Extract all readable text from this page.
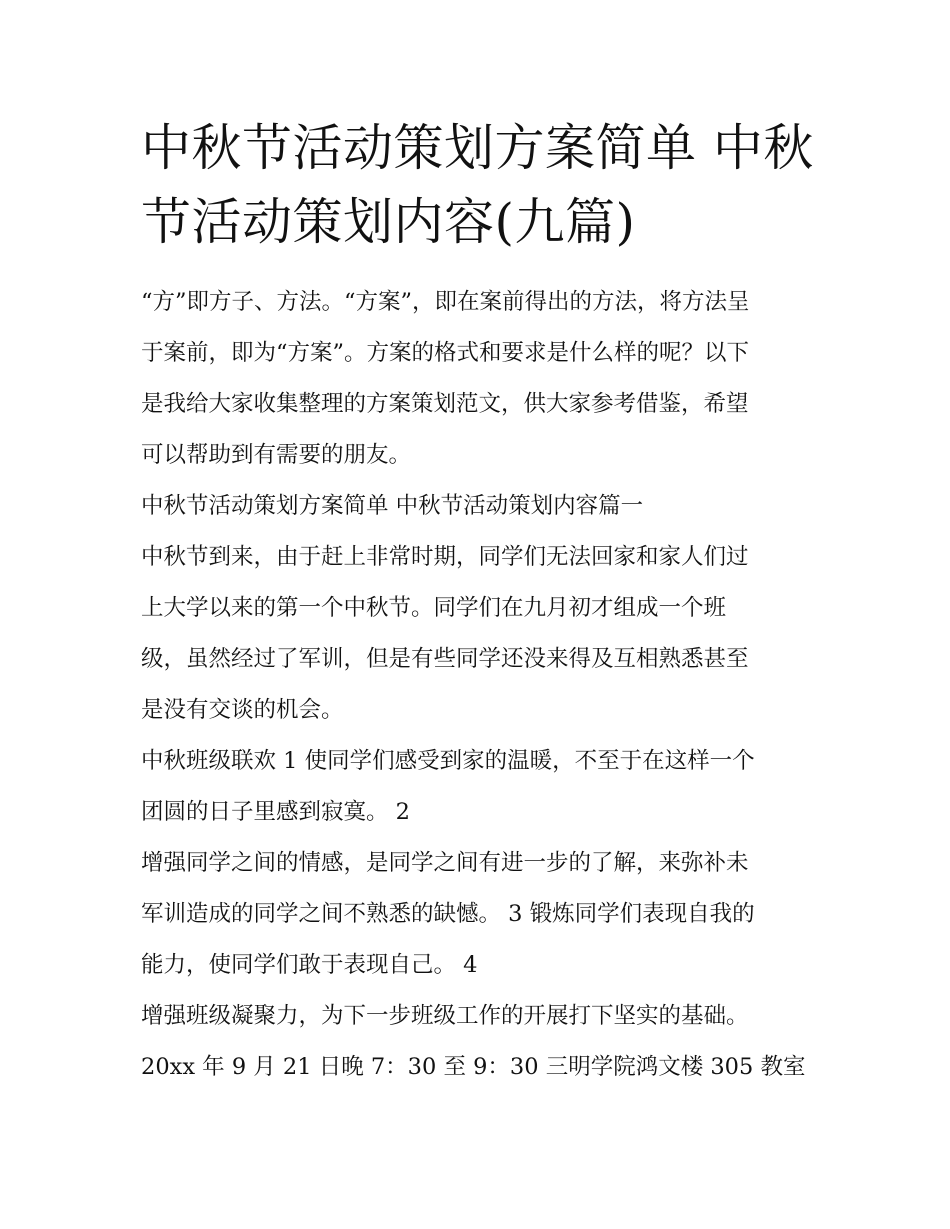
中秋节活动策划方案简单 中秋
节活动策划内容(九篇)
“方”即方子、方法。“方案”，即在案前得出的方法，将方法呈
于案前，即为“方案”。方案的格式和要求是什么样的呢？以下
是我给大家收集整理的方案策划范文，供大家参考借鉴，希望
可以帮助到有需要的朋友。
中秋节活动策划方案简单 中秋节活动策划内容篇一
中秋节到来，由于赶上非常时期，同学们无法回家和家人们过
上大学以来的第一个中秋节。同学们在九月初才组成一个班
级，虽然经过了军训，但是有些同学还没来得及互相熟悉甚至
是没有交谈的机会。
中秋班级联欢 1 使同学们感受到家的温暖，不至于在这样一个
团圆的日子里感到寂寞。 2
增强同学之间的情感，是同学之间有进一步的了解，来弥补未
军训造成的同学之间不熟悉的缺憾。 3 锻炼同学们表现自我的
能力，使同学们敢于表现自己。 4
增强班级凝聚力，为下一步班级工作的开展打下坚实的基础。
20xx 年 9 月 21 日晚 7：30 至 9：30 三明学院鸿文楼 305 教室
